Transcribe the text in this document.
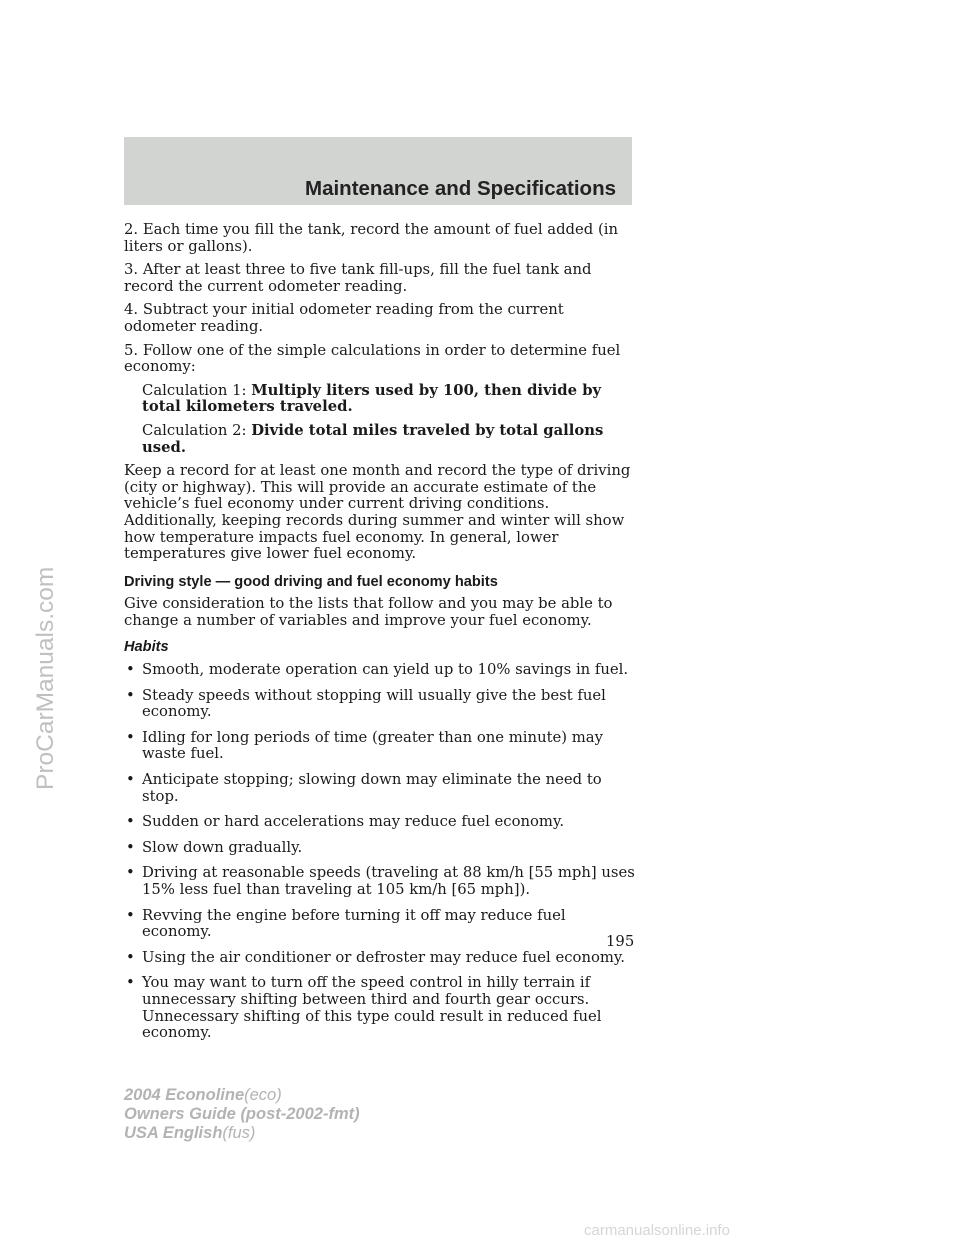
Maintenance and Specifications

2. Each time you fill the tank, record the amount of fuel added (in liters or gallons).

3. After at least three to five tank fill-ups, fill the fuel tank and record the current odometer reading.

4. Subtract your initial odometer reading from the current odometer reading.

5. Follow one of the simple calculations in order to determine fuel economy:

Calculation 1: Multiply liters used by 100, then divide by total kilometers traveled.

Calculation 2: Divide total miles traveled by total gallons used.

Keep a record for at least one month and record the type of driving (city or highway). This will provide an accurate estimate of the vehicle’s fuel economy under current driving conditions. Additionally, keeping records during summer and winter will show how temperature impacts fuel economy. In general, lower temperatures give lower fuel economy.

Driving style — good driving and fuel economy habits

Give consideration to the lists that follow and you may be able to change a number of variables and improve your fuel economy.

Habits
• Smooth, moderate operation can yield up to 10% savings in fuel.
• Steady speeds without stopping will usually give the best fuel economy.
• Idling for long periods of time (greater than one minute) may waste fuel.
• Anticipate stopping; slowing down may eliminate the need to stop.
• Sudden or hard accelerations may reduce fuel economy.
• Slow down gradually.
• Driving at reasonable speeds (traveling at 88 km/h [55 mph] uses 15% less fuel than traveling at 105 km/h [65 mph]).
• Revving the engine before turning it off may reduce fuel economy.
• Using the air conditioner or defroster may reduce fuel economy.
• You may want to turn off the speed control in hilly terrain if unnecessary shifting between third and fourth gear occurs. Unnecessary shifting of this type could result in reduced fuel economy.
195
2004 Econoline(eco)
Owners Guide (post-2002-fmt)
USA English(fus)
ProCarManuals.com
carmanualsonline.info
